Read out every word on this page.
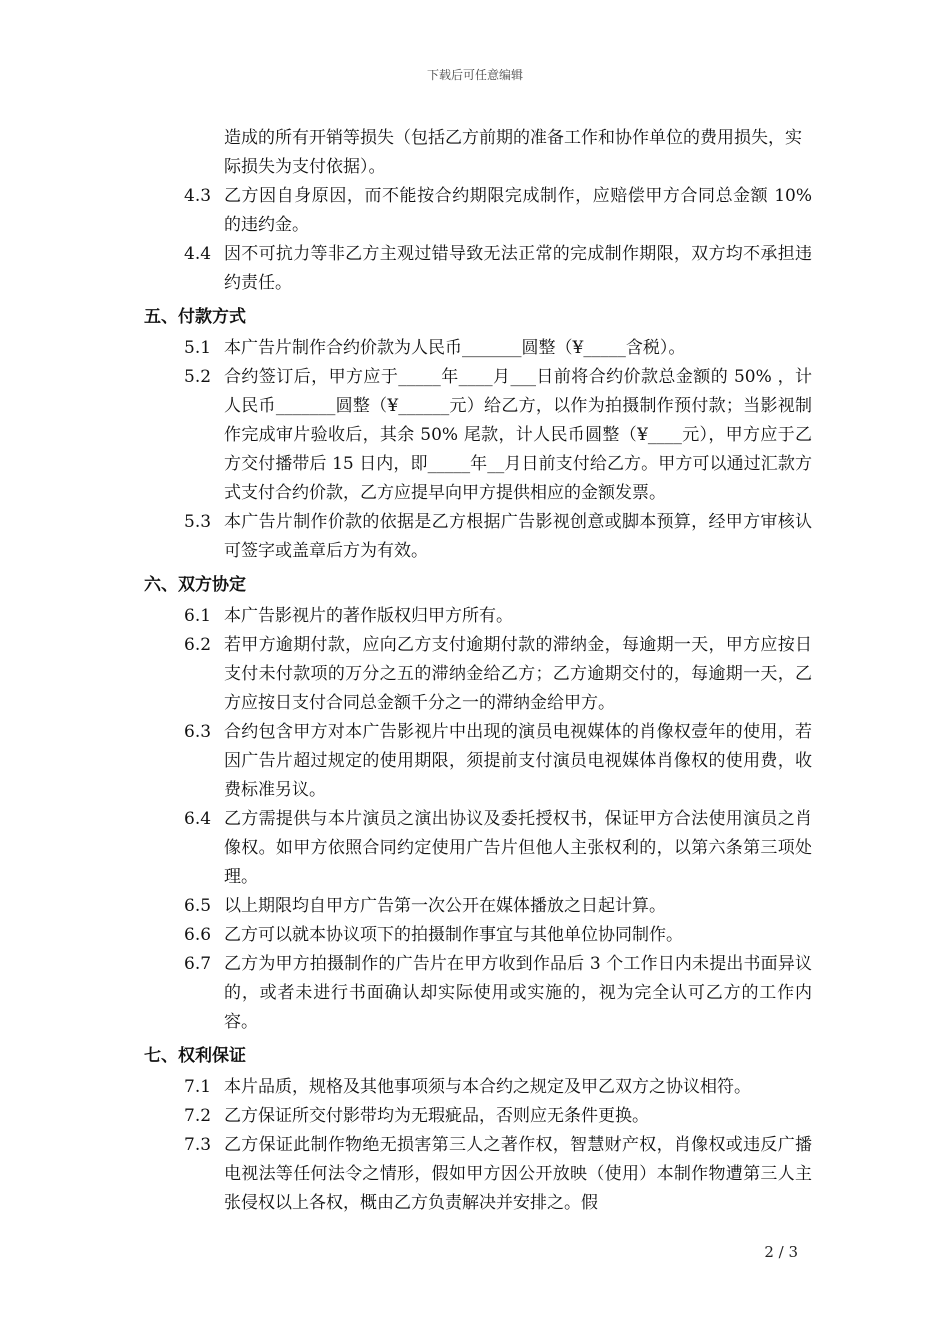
下载后可任意编辑
造成的所有开销等损失（包括乙方前期的准备工作和协作单位的费用损失，实际损失为支付依据）。
4.3 乙方因自身原因，而不能按合约期限完成制作，应赔偿甲方合同总金额 10% 的违约金。
4.4 因不可抗力等非乙方主观过错导致无法正常的完成制作期限，双方均不承担违约责任。
五、付款方式
5.1 本广告片制作合约价款为人民币_______圆整（¥_____含税）。
5.2 合约签订后，甲方应于_____年____月___日前将合约价款总金额的 50% ，计人民币_______圆整（¥______元）给乙方，以作为拍摄制作预付款；当影视制作完成审片验收后，其余 50% 尾款，计人民币圆整（¥____元），甲方应于乙方交付播带后 15 日内，即_____年__月日前支付给乙方。甲方可以通过汇款方式支付合约价款，乙方应提早向甲方提供相应的金额发票。
5.3 本广告片制作价款的依据是乙方根据广告影视创意或脚本预算，经甲方审核认可签字或盖章后方为有效。
六、双方协定
6.1 本广告影视片的著作版权归甲方所有。
6.2 若甲方逾期付款，应向乙方支付逾期付款的滞纳金，每逾期一天，甲方应按日支付未付款项的万分之五的滞纳金给乙方；乙方逾期交付的，每逾期一天，乙方应按日支付合同总金额千分之一的滞纳金给甲方。
6.3 合约包含甲方对本广告影视片中出现的演员电视媒体的肖像权壹年的使用，若因广告片超过规定的使用期限，须提前支付演员电视媒体肖像权的使用费，收费标准另议。
6.4 乙方需提供与本片演员之演出协议及委托授权书，保证甲方合法使用演员之肖像权。如甲方依照合同约定使用广告片但他人主张权利的，以第六条第三项处理。
6.5 以上期限均自甲方广告第一次公开在媒体播放之日起计算。
6.6 乙方可以就本协议项下的拍摄制作事宜与其他单位协同制作。
6.7 乙方为甲方拍摄制作的广告片在甲方收到作品后 3 个工作日内未提出书面异议的，或者未进行书面确认却实际使用或实施的，视为完全认可乙方的工作内容。
七、权利保证
7.1 本片品质，规格及其他事项须与本合约之规定及甲乙双方之协议相符。
7.2 乙方保证所交付影带均为无瑕疵品，否则应无条件更换。
7.3 乙方保证此制作物绝无损害第三人之著作权，智慧财产权，肖像权或违反广播电视法等任何法令之情形，假如甲方因公开放映（使用）本制作物遭第三人主张侵权以上各权，概由乙方负责解决并安排之。假
2 / 3
